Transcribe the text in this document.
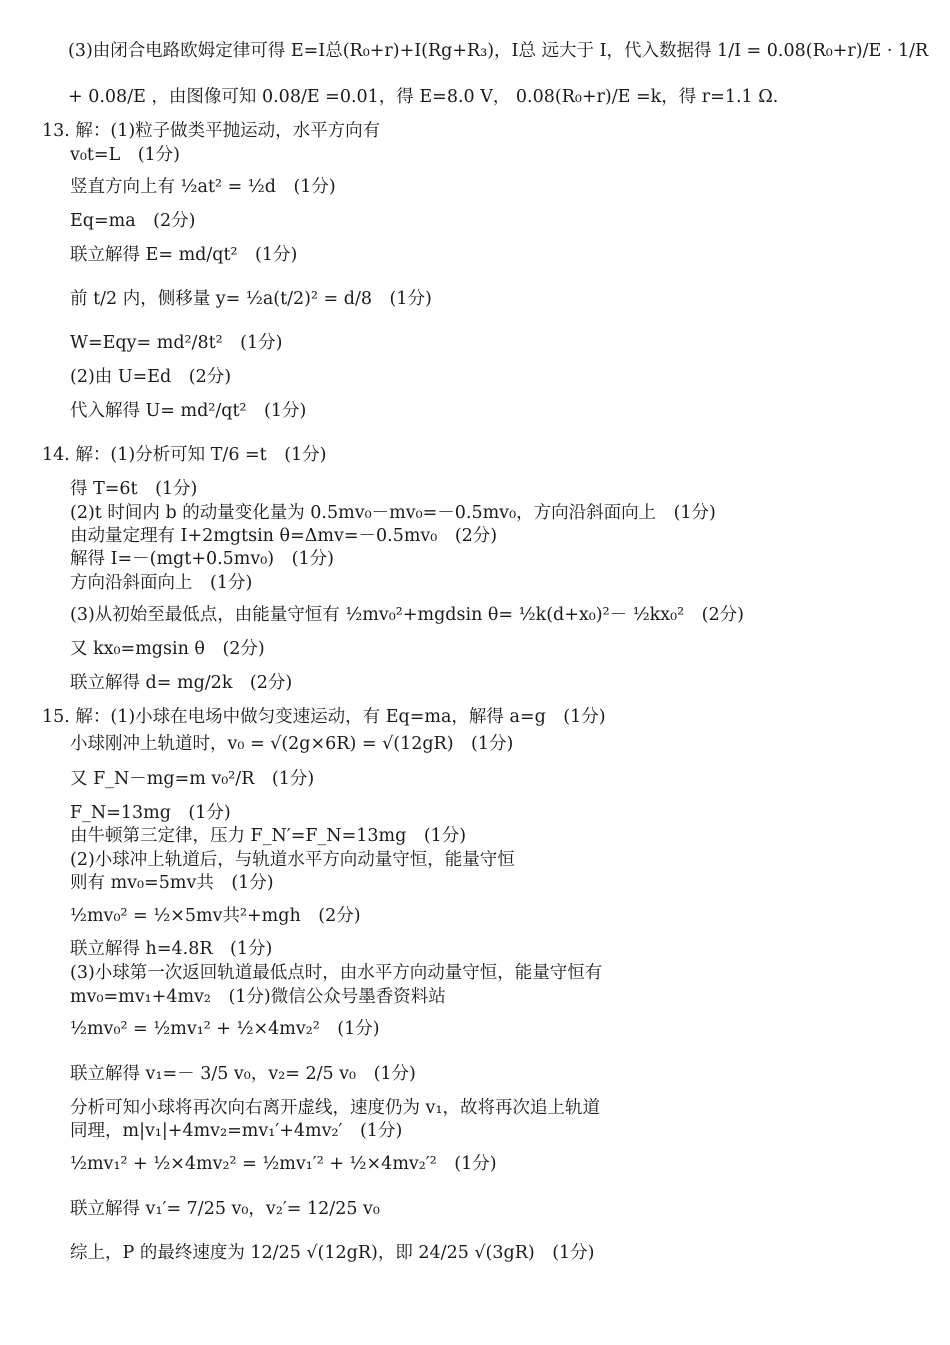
(3)由闭合电路欧姆定律可得 E=I总(R₀+r)+I(Rg+R₃)，I总 远大于 I，代入数据得 1/I = 0.08(R₀+r)/E · 1/R
+ 0.08/E ，由图像可知 0.08/E =0.01，得 E=8.0 V， 0.08(R₀+r)/E =k，得 r=1.1 Ω.
13. 解：(1)粒子做类平抛运动，水平方向有
v₀t=L　(1分)
竖直方向上有 ½at² = ½d　(1分)
Eq=ma　(2分)
联立解得 E= md/qt²　(1分)
前 t/2 内，侧移量 y= ½a(t/2)² = d/8　(1分)
W=Eqy= md²/8t²　(1分)
(2)由 U=Ed　(2分)
代入解得 U= md²/qt²　(1分)
14. 解：(1)分析可知 T/6 =t　(1分)
得 T=6t　(1分)
(2)t 时间内 b 的动量变化量为 0.5mv₀－mv₀=－0.5mv₀，方向沿斜面向上　(1分)
由动量定理有 I+2mgtsin θ=Δmv=－0.5mv₀　(2分)
解得 I=－(mgt+0.5mv₀)　(1分)
方向沿斜面向上　(1分)
(3)从初始至最低点，由能量守恒有 ½mv₀²+mgdsin θ= ½k(d+x₀)²－ ½kx₀²　(2分)
又 kx₀=mgsin θ　(2分)
联立解得 d= mg/2k　(2分)
15. 解：(1)小球在电场中做匀变速运动，有 Eq=ma，解得 a=g　(1分)
小球刚冲上轨道时，v₀ = √(2g×6R) = √(12gR)　(1分)
又 F_N－mg=m v₀²/R　(1分)
F_N=13mg　(1分)
由牛顿第三定律，压力 F_N′=F_N=13mg　(1分)
(2)小球冲上轨道后，与轨道水平方向动量守恒，能量守恒
则有 mv₀=5mv共　(1分)
½mv₀² = ½×5mv共²+mgh　(2分)
联立解得 h=4.8R　(1分)
(3)小球第一次返回轨道最低点时，由水平方向动量守恒，能量守恒有
mv₀=mv₁+4mv₂　(1分)微信公众号墨香资料站
½mv₀² = ½mv₁² + ½×4mv₂²　(1分)
联立解得 v₁=－ 3/5 v₀，v₂= 2/5 v₀　(1分)
分析可知小球将再次向右离开虚线，速度仍为 v₁，故将再次追上轨道
同理，m|v₁|+4mv₂=mv₁′+4mv₂′　(1分)
½mv₁² + ½×4mv₂² = ½mv₁′² + ½×4mv₂′²　(1分)
联立解得 v₁′= 7/25 v₀，v₂′= 12/25 v₀
综上，P 的最终速度为 12/25 √(12gR)，即 24/25 √(3gR)　(1分)
